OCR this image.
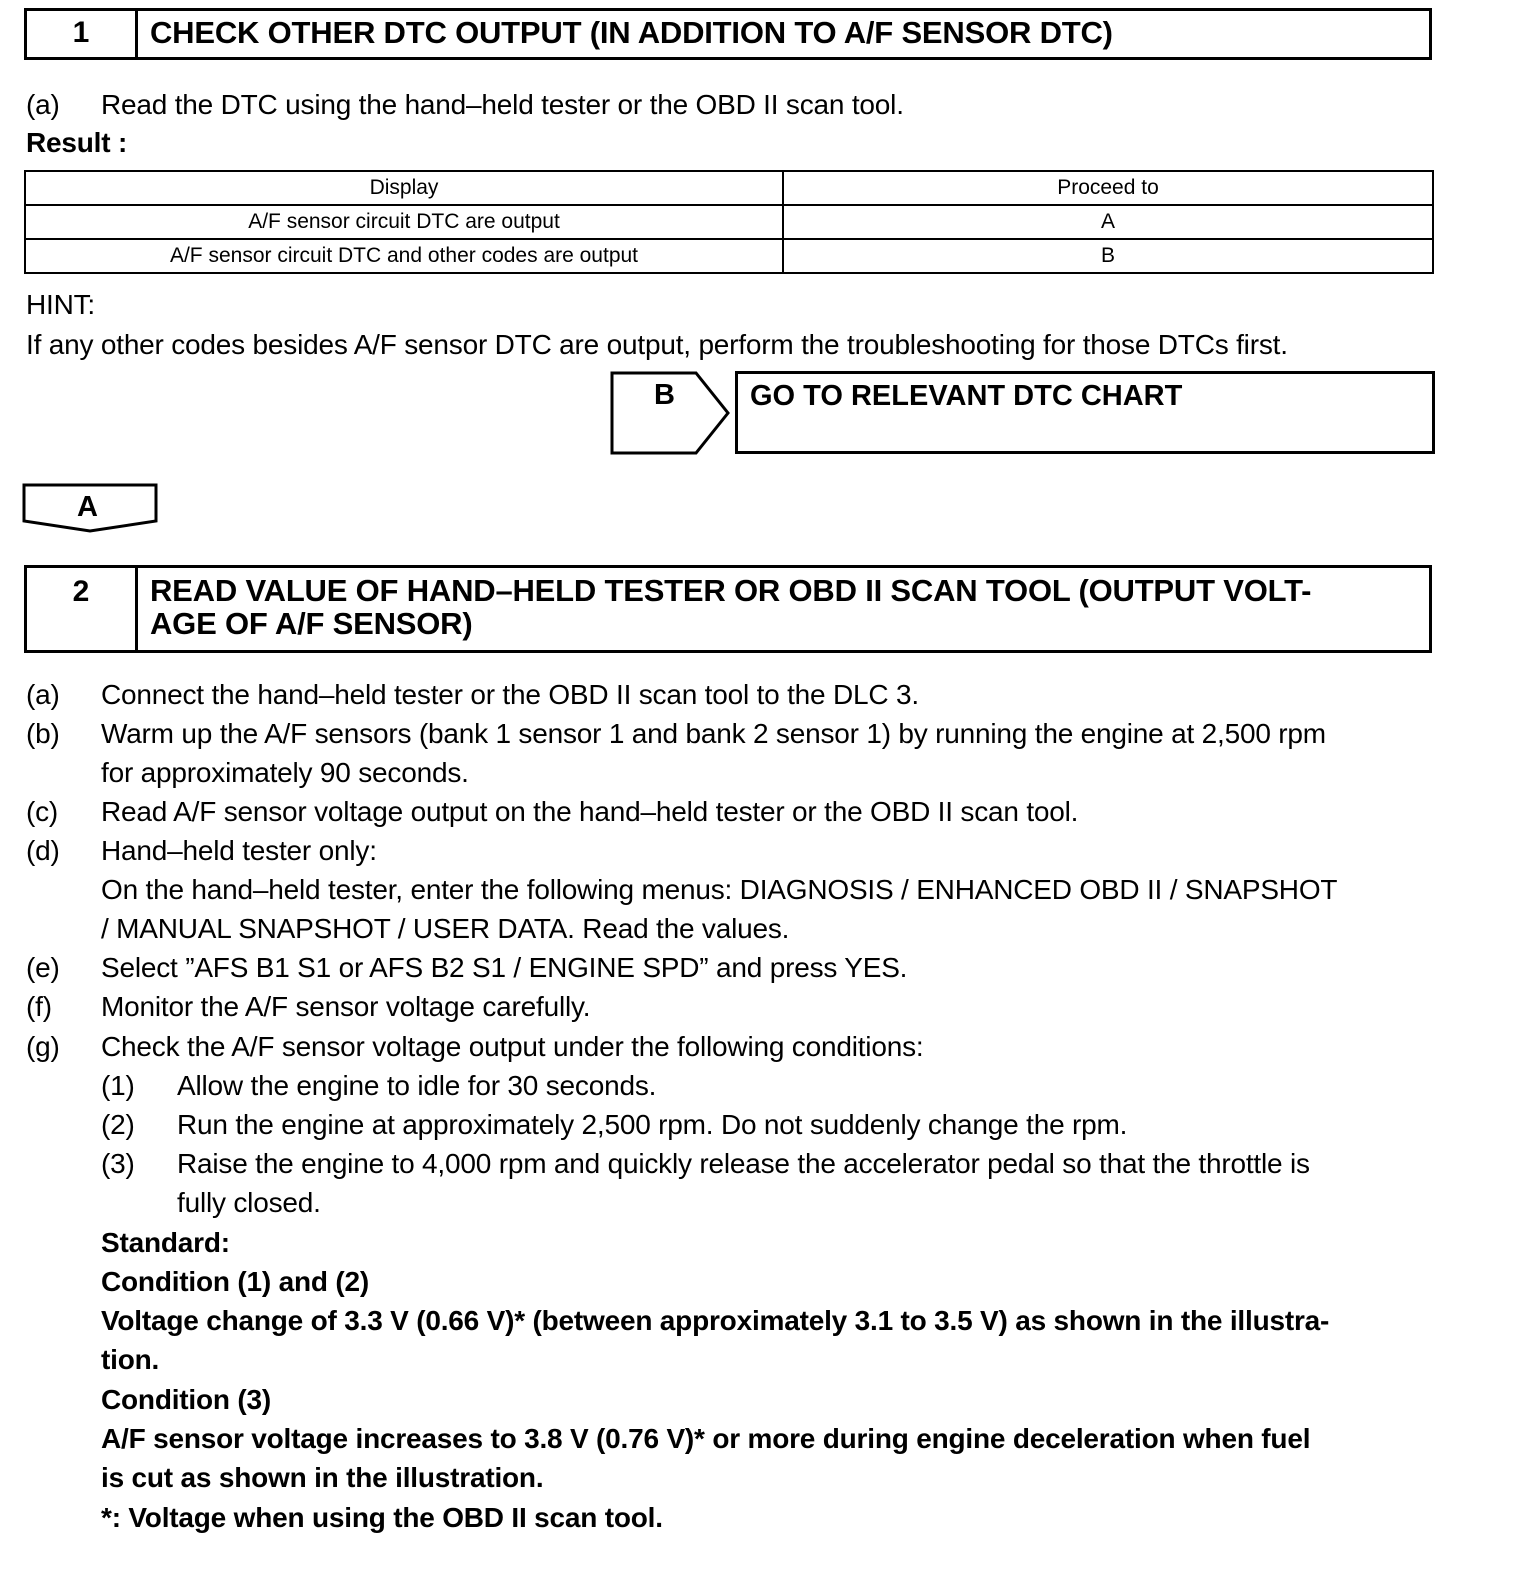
1	CHECK OTHER DTC OUTPUT (IN ADDITION TO A/F SENSOR DTC)
(a) Read the DTC using the hand–held tester or the OBD II scan tool.
Result :
Display	Proceed to
A/F sensor circuit DTC are output	A
A/F sensor circuit DTC and other codes are output	B
HINT:
If any other codes besides A/F sensor DTC are output, perform the troubleshooting for those DTCs first.
B	GO TO RELEVANT DTC CHART
A
2	READ VALUE OF HAND–HELD TESTER OR OBD II SCAN TOOL (OUTPUT VOLT-
AGE OF A/F SENSOR)
(a) Connect the hand–held tester or the OBD II scan tool to the DLC 3.
(b) Warm up the A/F sensors (bank 1 sensor 1 and bank 2 sensor 1) by running the engine at 2,500 rpm
for approximately 90 seconds.
(c) Read A/F sensor voltage output on the hand–held tester or the OBD II scan tool.
(d) Hand–held tester only:
On the hand–held tester, enter the following menus: DIAGNOSIS / ENHANCED OBD II / SNAPSHOT
/ MANUAL SNAPSHOT / USER DATA. Read the values.
(e) Select ”AFS B1 S1 or AFS B2 S1 / ENGINE SPD” and press YES.
(f) Monitor the A/F sensor voltage carefully.
(g) Check the A/F sensor voltage output under the following conditions:
(1) Allow the engine to idle for 30 seconds.
(2) Run the engine at approximately 2,500 rpm. Do not suddenly change the rpm.
(3) Raise the engine to 4,000 rpm and quickly release the accelerator pedal so that the throttle is
fully closed.
Standard:
Condition (1) and (2)
Voltage change of 3.3 V (0.66 V)* (between approximately 3.1 to 3.5 V) as shown in the illustra-
tion.
Condition (3)
A/F sensor voltage increases to 3.8 V (0.76 V)* or more during engine deceleration when fuel
is cut as shown in the illustration.
*: Voltage when using the OBD II scan tool.
